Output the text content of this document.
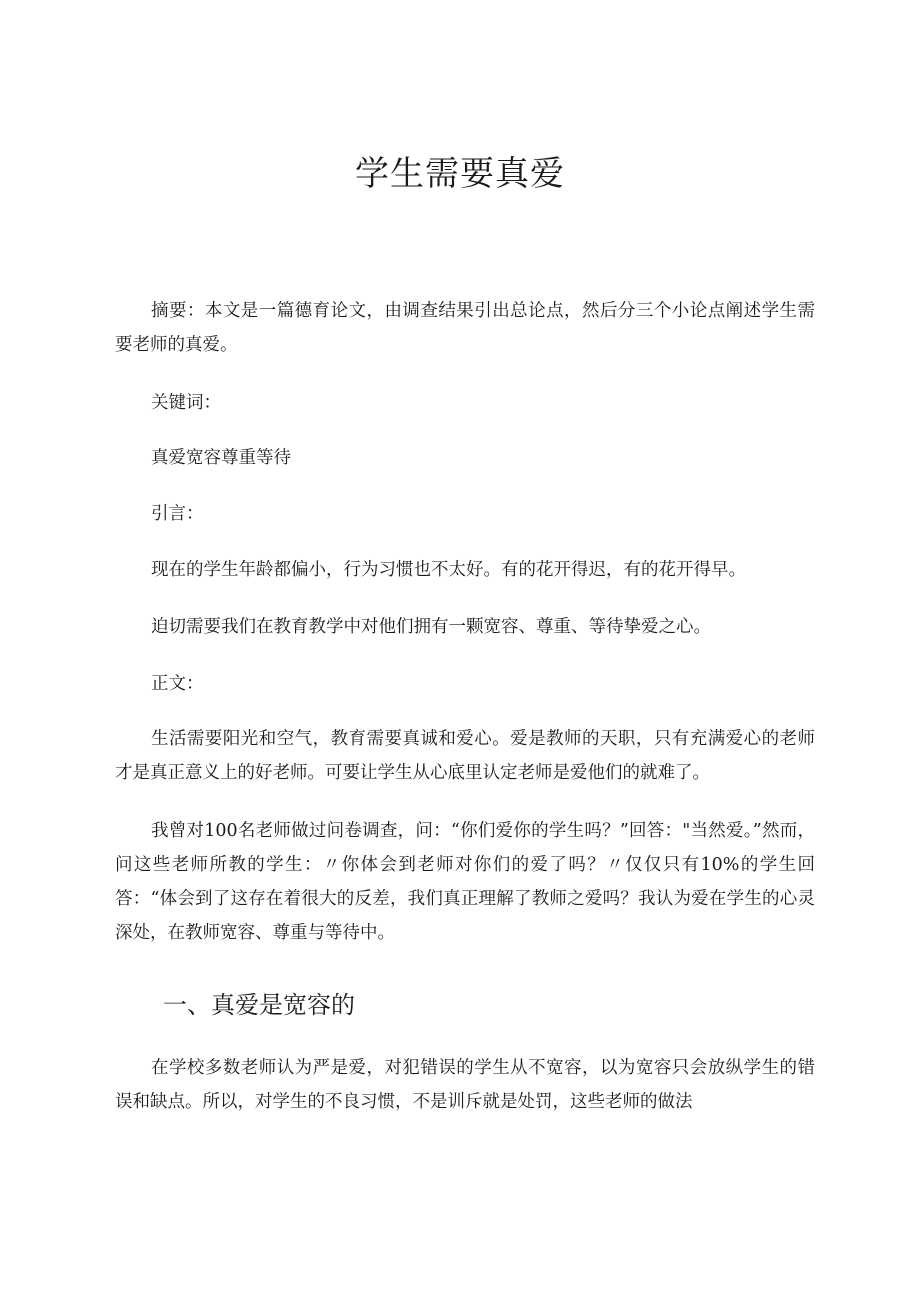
学生需要真爱

摘要：本文是一篇德育论文，由调查结果引出总论点，然后分三个小论点阐述学生需要老师的真爱。

关键词：

真爱宽容尊重等待

引言：

现在的学生年龄都偏小，行为习惯也不太好。有的花开得迟，有的花开得早。

迫切需要我们在教育教学中对他们拥有一颗宽容、尊重、等待挚爱之心。

正文：

生活需要阳光和空气，教育需要真诚和爱心。爱是教师的天职，只有充满爱心的老师才是真正意义上的好老师。可要让学生从心底里认定老师是爱他们的就难了。

我曾对100名老师做过问卷调查，问：“你们爱你的学生吗？”回答："当然爱。”然而，问这些老师所教的学生：〃你体会到老师对你们的爱了吗？〃仅仅只有10%的学生回答：“体会到了这存在着很大的反差，我们真正理解了教师之爱吗？我认为爱在学生的心灵深处，在教师宽容、尊重与等待中。

一、真爱是宽容的

在学校多数老师认为严是爱，对犯错误的学生从不宽容，以为宽容只会放纵学生的错误和缺点。所以，对学生的不良习惯，不是训斥就是处罚，这些老师的做法
